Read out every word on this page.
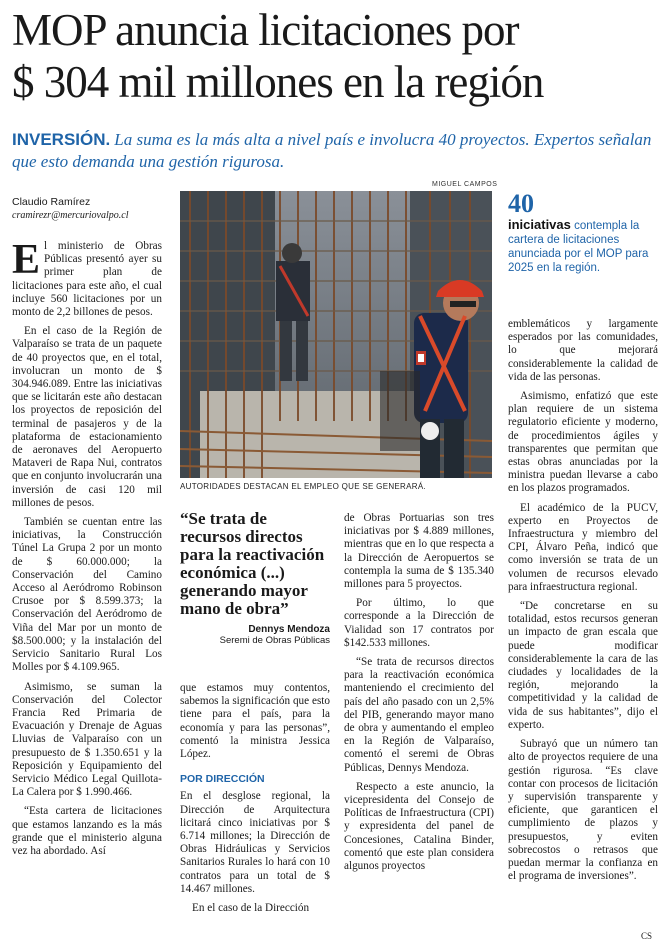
MOP anuncia licitaciones por
$ 304 mil millones en la región
INVERSIÓN. La suma es la más alta a nivel país e involucra 40 proyectos. Expertos señalan que esto demanda una gestión rigurosa.
Claudio Ramírez
cramirezr@mercuriovalpo.cl
MIGUEL CAMPOS
AUTORIDADES DESTACAN EL EMPLEO QUE SE GENERARÁ.
40
iniciativas contempla la cartera de licitaciones anunciada por el MOP para 2025 en la región.

El ministerio de Obras Públicas presentó ayer su primer plan de licitaciones para este año, el cual incluye 560 licitaciones por un monto de 2,2 billones de pesos.

En el caso de la Región de Valparaíso se trata de un paquete de 40 proyectos que, en el total, involucran un monto de $ 304.946.089. Entre las iniciativas que se licitarán este año destacan los proyectos de reposición del terminal de pasajeros y de la plataforma de estacionamiento de aeronaves del Aeropuerto Mataveri de Rapa Nui, contratos que en conjunto involucrarán una inversión de casi 120 mil millones de pesos.

También se cuentan entre las iniciativas, la Construcción Túnel La Grupa 2 por un monto de $ 60.000.000; la Conservación del Camino Acceso al Aeródromo Robinson Crusoe por $ 8.599.373; la Conservación del Aeródromo de Viña del Mar por un monto de $8.500.000; y la instalación del Servicio Sanitario Rural Los Molles por $ 4.109.965.

Asimismo, se suman la Conservación del Colector Francia Red Primaria de Evacuación y Drenaje de Aguas Lluvias de Valparaíso con un presupuesto de $ 1.350.651 y la Reposición y Equipamiento del Servicio Médico Legal Quillota-La Calera por $ 1.990.466.

“Esta cartera de licitaciones que estamos lanzando es la más grande que el ministerio alguna vez ha abordado. Así

“Se trata de recursos directos para la reactivación económica (...) generando mayor mano de obra”
Dennys Mendoza
Seremi de Obras Públicas

que estamos muy contentos, sabemos la significación que esto tiene para el país, para la economía y para las personas”, comentó la ministra Jessica López.

POR DIRECCIÓN

En el desglose regional, la Dirección de Arquitectura licitará cinco iniciativas por $ 6.714 millones; la Dirección de Obras Hidráulicas y Servicios Sanitarios Rurales lo hará con 10 contratos para un total de $ 14.467 millones.

En el caso de la Dirección

de Obras Portuarias son tres iniciativas por $ 4.889 millones, mientras que en lo que respecta a la Dirección de Aeropuertos se contempla la suma de $ 135.340 millones para 5 proyectos.

Por último, lo que corresponde a la Dirección de Vialidad son 17 contratos por $142.533 millones.

“Se trata de recursos directos para la reactivación económica manteniendo el crecimiento del país del año pasado con un 2,5% del PIB, generando mayor mano de obra y aumentando el empleo en la Región de Valparaíso, comentó el seremi de Obras Públicas, Dennys Mendoza.

Respecto a este anuncio, la vicepresidenta del Consejo de Políticas de Infraestructura (CPI) y expresidenta del panel de Concesiones, Catalina Binder, comentó que este plan considera algunos proyectos

emblemáticos y largamente esperados por las comunidades, lo que mejorará considerablemente la calidad de vida de las personas.

Asimismo, enfatizó que este plan requiere de un sistema regulatorio eficiente y moderno, de procedimientos ágiles y transparentes que permitan que estas obras anunciadas por la ministra puedan llevarse a cabo en los plazos programados.

El académico de la PUCV, experto en Proyectos de Infraestructura y miembro del CPI, Álvaro Peña, indicó que como inversión se trata de un volumen de recursos elevado para infraestructura regional.

“De concretarse en su totalidad, estos recursos generan un impacto de gran escala que puede modificar considerablemente la cara de las ciudades y localidades de la región, mejorando la competitividad y la calidad de vida de sus habitantes”, dijo el experto.

Subrayó que un número tan alto de proyectos requiere de una gestión rigurosa. “Es clave contar con procesos de licitación y supervisión transparente y eficiente, que garanticen el cumplimiento de plazos y presupuestos, y eviten sobrecostos o retrasos que puedan mermar la confianza en el programa de inversiones”.

CS
